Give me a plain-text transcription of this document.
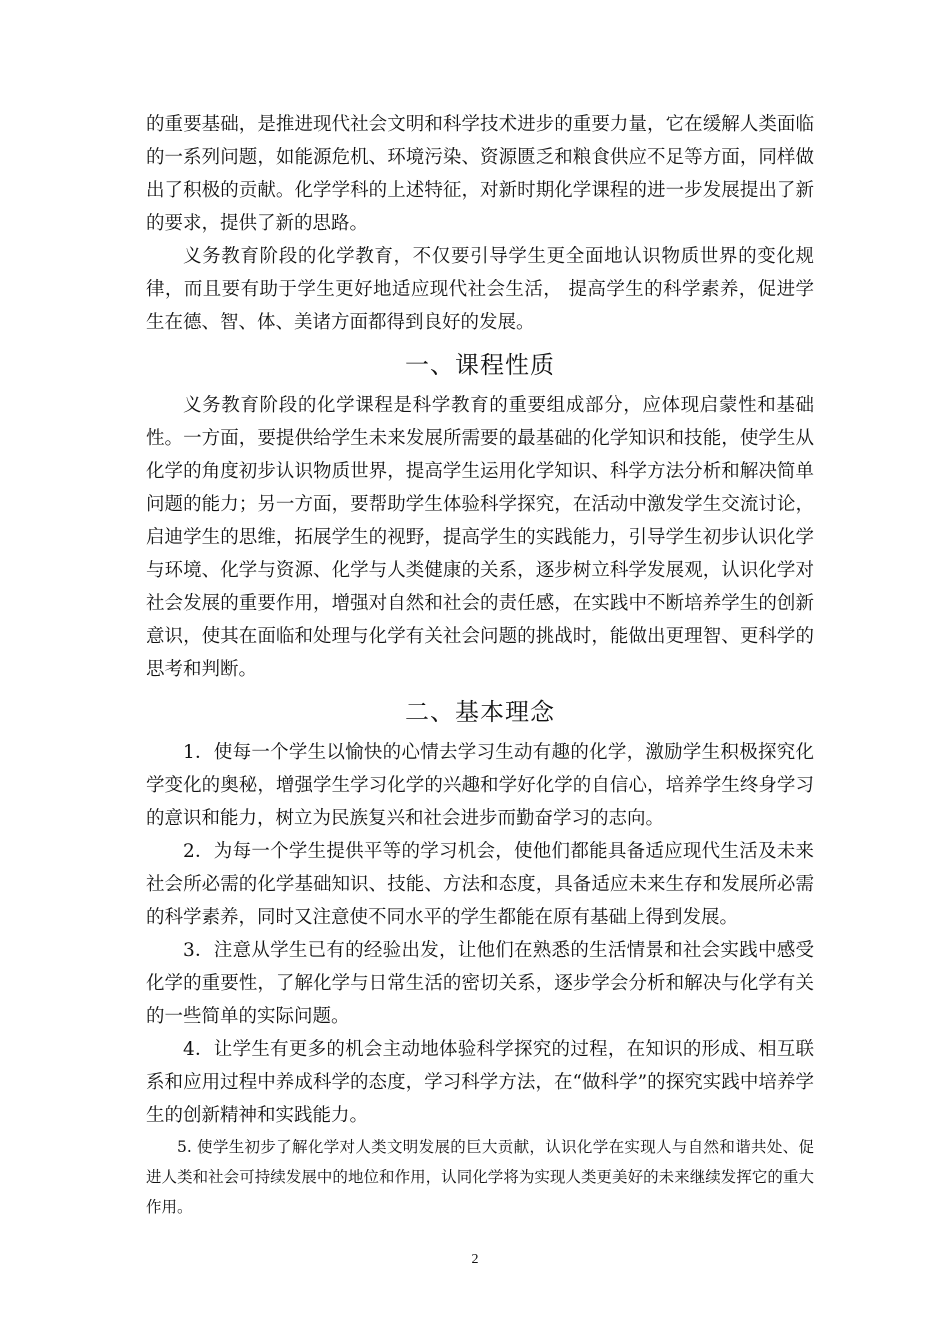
的重要基础，是推进现代社会文明和科学技术进步的重要力量，它在缓解人类面临的一系列问题，如能源危机、环境污染、资源匮乏和粮食供应不足等方面，同样做出了积极的贡献。化学学科的上述特征，对新时期化学课程的进一步发展提出了新的要求，提供了新的思路。

义务教育阶段的化学教育，不仅要引导学生更全面地认识物质世界的变化规律，而且要有助于学生更好地适应现代社会生活， 提高学生的科学素养，促进学生在德、智、体、美诸方面都得到良好的发展。

一、课程性质

义务教育阶段的化学课程是科学教育的重要组成部分，应体现启蒙性和基础性。一方面，要提供给学生未来发展所需要的最基础的化学知识和技能，使学生从化学的角度初步认识物质世界，提高学生运用化学知识、科学方法分析和解决简单问题的能力；另一方面，要帮助学生体验科学探究，在活动中激发学生交流讨论，启迪学生的思维，拓展学生的视野，提高学生的实践能力，引导学生初步认识化学与环境、化学与资源、化学与人类健康的关系，逐步树立科学发展观，认识化学对社会发展的重要作用，增强对自然和社会的责任感，在实践中不断培养学生的创新意识，使其在面临和处理与化学有关社会问题的挑战时，能做出更理智、更科学的思考和判断。

二、基本理念

1．使每一个学生以愉快的心情去学习生动有趣的化学，激励学生积极探究化学变化的奥秘，增强学生学习化学的兴趣和学好化学的自信心，培养学生终身学习的意识和能力，树立为民族复兴和社会进步而勤奋学习的志向。

2．为每一个学生提供平等的学习机会，使他们都能具备适应现代生活及未来社会所必需的化学基础知识、技能、方法和态度，具备适应未来生存和发展所必需的科学素养，同时又注意使不同水平的学生都能在原有基础上得到发展。

3．注意从学生已有的经验出发，让他们在熟悉的生活情景和社会实践中感受化学的重要性，了解化学与日常生活的密切关系，逐步学会分析和解决与化学有关的一些简单的实际问题。

4．让学生有更多的机会主动地体验科学探究的过程，在知识的形成、相互联系和应用过程中养成科学的态度，学习科学方法，在“做科学”的探究实践中培养学生的创新精神和实践能力。

5. 使学生初步了解化学对人类文明发展的巨大贡献，认识化学在实现人与自然和谐共处、促进人类和社会可持续发展中的地位和作用，认同化学将为实现人类更美好的未来继续发挥它的重大作用。

2
